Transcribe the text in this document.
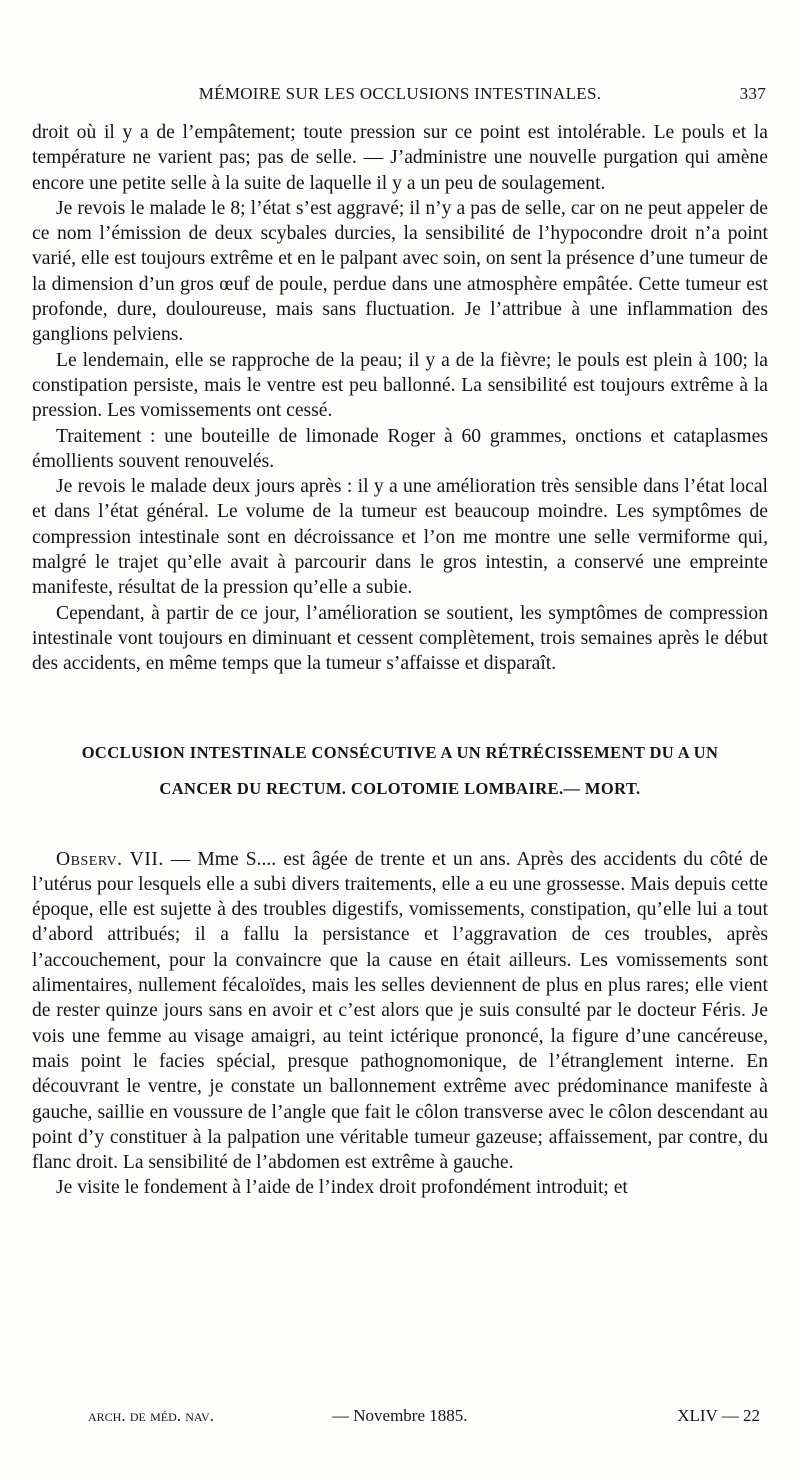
MÉMOIRE SUR LES OCCLUSIONS INTESTINALES.	337

droit où il y a de l’empâtement; toute pression sur ce point est intolérable. Le pouls et la température ne varient pas; pas de selle. — J’administre une nouvelle purgation qui amène encore une petite selle à la suite de laquelle il y a un peu de soulagement.

Je revois le malade le 8; l’état s’est aggravé; il n’y a pas de selle, car on ne peut appeler de ce nom l’émission de deux scybales durcies, la sensibilité de l’hypocondre droit n’a point varié, elle est toujours extrême et en le palpant avec soin, on sent la présence d’une tumeur de la dimension d’un gros œuf de poule, perdue dans une atmosphère empâtée. Cette tumeur est profonde, dure, douloureuse, mais sans fluctuation. Je l’attribue à une inflammation des ganglions pelviens.

Le lendemain, elle se rapproche de la peau; il y a de la fièvre; le pouls est plein à 100; la constipation persiste, mais le ventre est peu ballonné. La sensibilité est toujours extrême à la pression. Les vomissements ont cessé.

Traitement : une bouteille de limonade Roger à 60 grammes, onctions et cataplasmes émollients souvent renouvelés.

Je revois le malade deux jours après : il y a une amélioration très sensible dans l’état local et dans l’état général. Le volume de la tumeur est beaucoup moindre. Les symptômes de compression intestinale sont en décroissance et l’on me montre une selle vermiforme qui, malgré le trajet qu’elle avait à parcourir dans le gros intestin, a conservé une empreinte manifeste, résultat de la pression qu’elle a subie.

Cependant, à partir de ce jour, l’amélioration se soutient, les symptômes de compression intestinale vont toujours en diminuant et cessent complètement, trois semaines après le début des accidents, en même temps que la tumeur s’affaisse et disparaît.

OCCLUSION INTESTINALE CONSÉCUTIVE A UN RÉTRÉCISSEMENT DU A UN
CANCER DU RECTUM. COLOTOMIE LOMBAIRE.— MORT.

Observ. VII. — Mme S.... est âgée de trente et un ans. Après des accidents du côté de l’utérus pour lesquels elle a subi divers traitements, elle a eu une grossesse. Mais depuis cette époque, elle est sujette à des troubles digestifs, vomissements, constipation, qu’elle lui a tout d’abord attribués; il a fallu la persistance et l’aggravation de ces troubles, après l’accouchement, pour la convaincre que la cause en était ailleurs. Les vomissements sont alimentaires, nullement fécaloïdes, mais les selles deviennent de plus en plus rares; elle vient de rester quinze jours sans en avoir et c’est alors que je suis consulté par le docteur Féris. Je vois une femme au visage amaigri, au teint ictérique prononcé, la figure d’une cancéreuse, mais point le facies spécial, presque pathognomonique, de l’étranglement interne. En découvrant le ventre, je constate un ballonnement extrême avec prédominance manifeste à gauche, saillie en voussure de l’angle que fait le côlon transverse avec le côlon descendant au point d’y constituer à la palpation une véritable tumeur gazeuse; affaissement, par contre, du flanc droit. La sensibilité de l’abdomen est extrême à gauche.

Je visite le fondement à l’aide de l’index droit profondément introduit; et

arch. de méd. nav.	— Novembre 1885.	XLIV — 22
